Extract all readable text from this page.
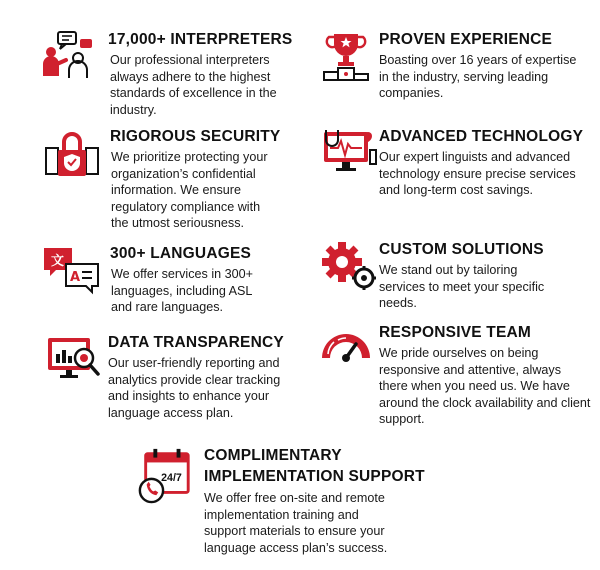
17,000+ INTERPRETERS

Our professional interpreters always adhere to the highest standards of excellence in the industry.

PROVEN EXPERIENCE

Boasting over 16 years of expertise in the industry, serving leading companies.

RIGOROUS SECURITY

We prioritize protecting your organization’s confidential information. We ensure regulatory compliance with the utmost seriousness.

ADVANCED TECHNOLOGY

Our expert linguists and advanced technology ensure precise services and long-term cost savings.

文
A
300+ LANGUAGES

We offer services in 300+ languages, including ASL and rare languages.

CUSTOM SOLUTIONS

We stand out by tailoring services to meet your specific needs.

DATA TRANSPARENCY

Our user-friendly reporting and analytics provide clear tracking and insights to enhance your language access plan.

RESPONSIVE TEAM

We pride ourselves on being responsive and attentive, always there when you need us. We have around the clock availability and client support.

24/7
COMPLIMENTARY IMPLEMENTATION SUPPORT

We offer free on-site and remote implementation training and support materials to ensure your language access plan’s success.
